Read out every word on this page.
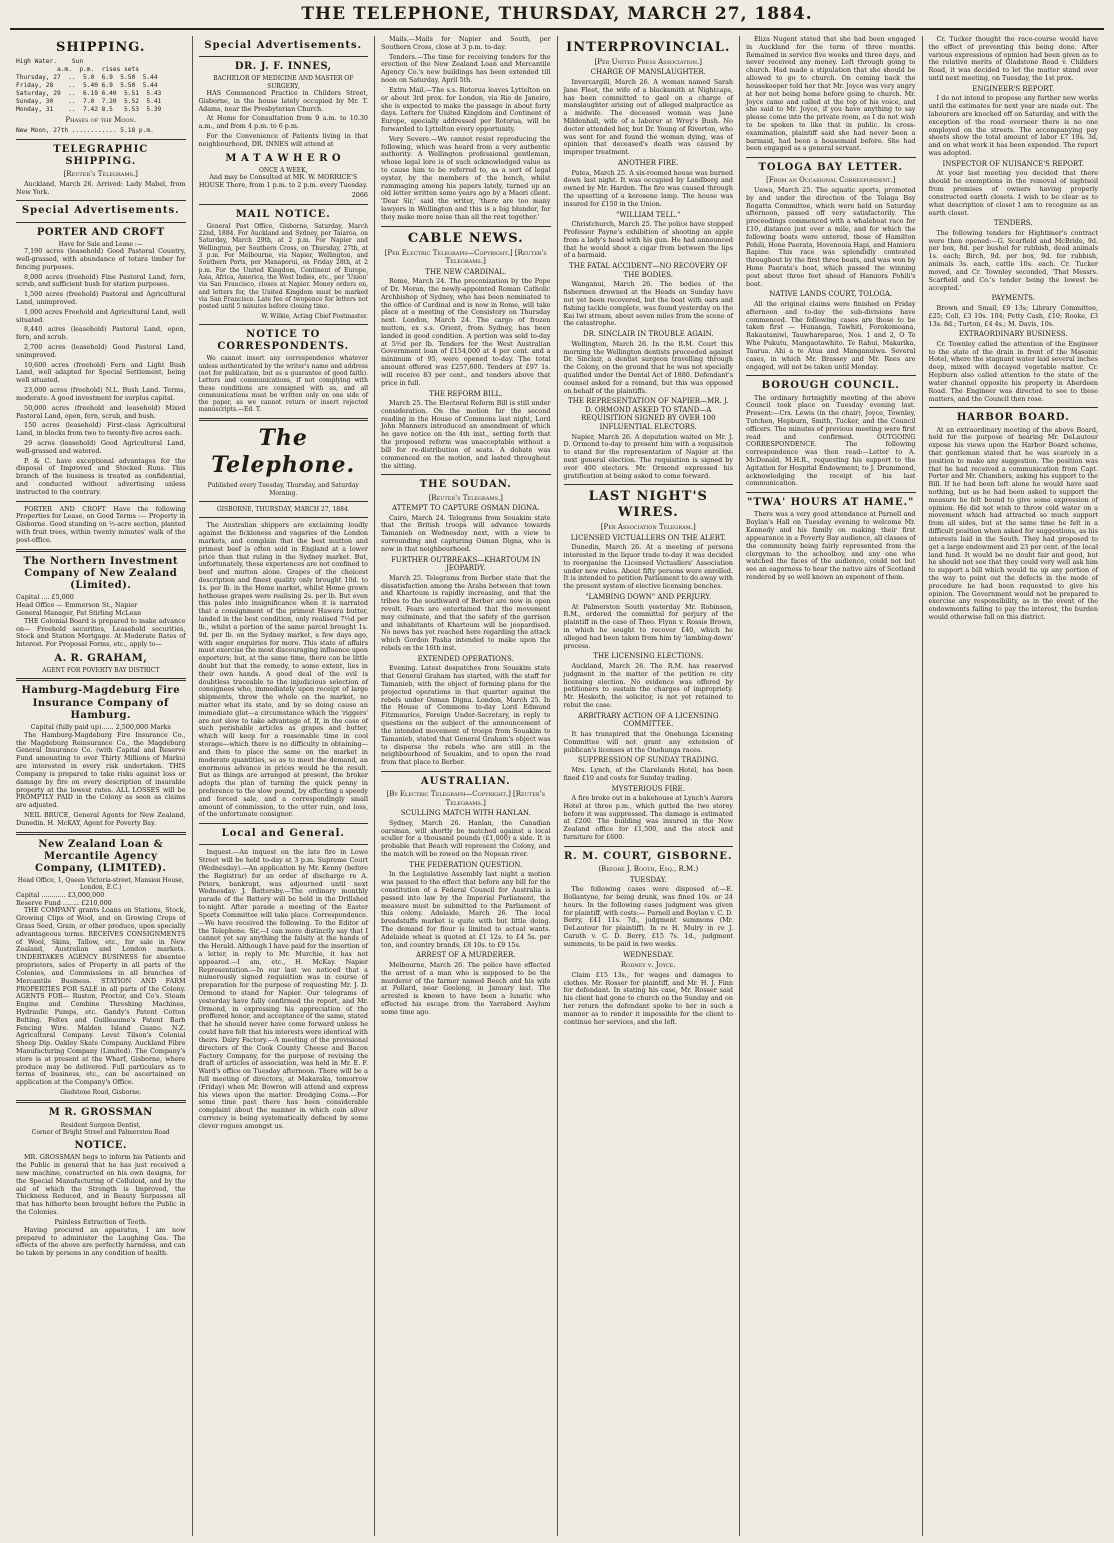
THE TELEPHONE, THURSDAY, MARCH 27, 1884.
SHIPPING.
High Water.    Sun
a.m.  p.m.  rises sets
Thursday, 27  ..  5.0  6.9  5.50  5.44
Friday, 28    ..  5.40 6.9  5.50  5.44
Saturday, 29  ..  6.19 6.40  5.51  5.43
Sunday, 30    ..  7.0  7.20  5.52  5.41
Monday, 31    ..  7.42 8.5   5.53  5.39
Phases of the Moon.
New Moon, 27th ............ 5.18 p.m.
TELEGRAPHIC SHIPPING.
[Reuter's Telegrams.]

Auckland, March 26. Arrived: Lady Mabel, from New York.

Special Advertisements.
PORTER AND CROFT
Have for Sale and Lease :—

7,190 acres (leasehold) Good Pastoral Country, well-grassed, with abundance of totara timber for fencing purposes.

8,000 acres (freehold) Fine Pastoral Land, fern, scrub, and sufficient bush for station purposes.

1,500 acres (freehold) Pastoral and Agricultural Land, unimproved.

1,000 acres Freehold and Agricultural Land, well situated.

8,440 acres (leasehold) Pastoral Land, open, fern, and scrub.

2,700 acres (leasehold) Good Pastoral Land, unimproved.

10,600 acres (freehold) Fern and Light Bush Land, well adapted for Special Settlement, being well situated.

23,000 acres (freehold) N.L. Bush Land. Terms, moderate. A good investment for surplus capital.

50,000 acres (freehold and leasehold) Mixed Pastoral Land, open, fern, scrub, and bush.

150 acres (leasehold) First-class Agricultural Land, in blocks from two to twenty-five acres each.

29 acres (leasehold) Good Agricultural Land, well-grassed and watered.

P. & C. have exceptional advantages for the disposal of Improved and Stocked Runs. This branch of the business is treated as confidential, and conducted without advertising unless instructed to the contrary.

PORTER AND CROFT Have the following Properties for Lease, on Good Terms :— Property in Gisborne. Good standing on ½-acre section, planted with fruit trees, within twenty minutes' walk of the post-office.

The Northern Investment Company of New Zealand (Limited).
Capital .... £5,000
Head Office — Emmerson St., Napier
General Manager, Pat Stirling McLean

THE Colonial Board is prepared to make advance on— Freehold securities, Leasehold securities, Stock and Station Mortgage. At Moderate Rates of Interest. For Proposal Forms, etc., apply to—

A. R. GRAHAM,
AGENT FOR POVERTY BAY DISTRICT
Hamburg-Magdeburg Fire Insurance Company of Hamburg.
Capital (fully paid up)...... 2,500,000 Marks

The Hamburg-Magdeburg Fire Insurance Co., the Magdeburg Reinsurance Co., the Magdeburg General Insurance Co. (with Capital and Reserve Fund amounting to over Thirty Millions of Marks) are interested in every risk undertaken. THIS Company is prepared to take risks against loss or damage by fire on every description of insurable property at the lowest rates. ALL LOSSES will be PROMPTLY PAID in the Colony as soon as claims are adjusted.

NEIL BRUCE, General Agents for New Zealand, Dunedin. H. McKAY, Agent for Poverty Bay.

New Zealand Loan & Mercantile Agency Company, (LIMITED).
Head Office, 1, Queen Victoria-street, Mansion House, London, E.C.)
Capital ............ £3,000,000
Reserve Fund ........ £210,000

THE COMPANY grants Loans on Stations, Stock, Growing Clips of Wool, and on Growing Crops of Grass Seed, Grain, or other produce, upon specially advantageous terms. RECEIVES CONSIGNMENTS of Wool, Skins, Tallow, etc., for sale in New Zealand, Australian and London markets. UNDERTAKES AGENCY BUSINESS for absentee proprietors, sales of Property in all parts of the Colonies, and Commissions in all branches of Mercantile Business. STATION AND FARM PROPERTIES FOR SALE in all parts of the Colony. AGENTS FOR— Ruston, Proctor, and Co's. Steam Engine and Combine Threshing Machines, Hydraulic Pumps, etc. Gandy's Patent Cotton Belting. Feltex and Guilleaume's Patent Barb Fencing Wire. Malden Island Guano. N.Z. Agricultural Company. Lovat Tilson's Colonial Sheep Dip. Oakley Skate Company. Auckland Fibre Manufacturing Company (Limited). The Company's store is at present at the Wharf, Gisborne, where produce may be delivered. Full particulars as to terms of business, etc., can be ascertained on application at the Company's Office.

Gladstone Road, Gisborne.
M R. GROSSMAN
Resident Surgeon Dentist,
Corner of Bright Street and Palmerston Road
NOTICE.

MR. GROSSMAN begs to inform his Patients and the Public in general that he has just received a new machine, constructed on his own designs, for the Special Manufacturing of Celluloid, and by the aid of which the Strength is Improved, the Thickness Reduced, and in Beauty Surpasses all that has hitherto been brought before the Public in the Colonies.

Painless Extraction of Teeth.

Having procured an apparatus, I am now prepared to administer the Laughing Gas. The effects of the above are perfectly harmless, and can be taken by persons in any condition of health.

Special Advertisements.
DR. J. F. INNES,
BACHELOR OF MEDICINE AND MASTER OF SURGERY,

HAS Commenced Practice in Childers Street, Gisborne, in the house lately occupied by Mr. T. Adams, near the Presbyterian Church.

At Home for Consultation from 9 a.m. to 10.30 a.m., and from 4 p.m. to 6 p.m.

For the Convenience of Patients living in that neighbourhood, DR. INNES will attend at

M A T A W H E R O
ONCE A WEEK,

And may be Consulted at MR. W. MORRICE'S HOUSE There, from 1 p.m. to 2 p.m. every Tuesday.

2066
MAIL NOTICE.

General Post Office, Gisborne, Saturday, March 22nd, 1884. For Auckland and Sydney, per Taiaroa, on Saturday, March 29th, at 2 p.m. For Napier and Wellington, per Southern Cross, on Thursday, 27th, at 3 p.m. For Melbourne, via Napier, Wellington, and Southern Ports, per Manaporui, on Friday 28th, at 2 p.m. For the United Kingdom, Continent of Europe, Asia, Africa, America, the West Indies, etc., per 'Union' via San Francisco, closes at Napier. Money orders on, and letters for, the United Kingdom must be marked via San Francisco. Late fee of twopence for letters not posted until 5 minutes before closing time.

W. Wilkie, Acting Chief Postmaster.
NOTICE TO CORRESPONDENTS.

We cannot insert any correspondence whatever unless authenticated by the writer's name and address (not for publication, but as a guarantee of good faith). Letters and communications, if not complying with these conditions are consigned with us, and all communications must be written only on one side of the paper, as we cannot return or insert rejected manuscripts.—Ed. T.

The Telephone.
Published every Tuesday, Thursday, and Saturday Morning.
GISBORNE, THURSDAY, MARCH 27, 1884.

The Australian shippers are exclaiming loudly against the fickleness and vagaries of the London markets, and complain that the best mutton and primest beef is often sold in England at a lower price than that ruling in the Sydney market. But, unfortunately, these experiences are not confined to beef and mutton alone. Grapes of the choicest description and finest quality only brought 10d. to 1s. per lb. in the Home market, whilst Home grown hothouse grapes were realising 2s. per lb. But even this pales into insignificance when it is narrated that a consignment of the primest Hawera butter, landed in the best condition, only realised 7½d per lb., whilst a portion of the same parcel brought 1s. 9d. per lb. on the Sydney market, a few days ago, with eager enquiries for more. This state of affairs must exercise the most discouraging influence upon exporters; but, at the same time, there can be little doubt but that the remedy, to some extent, lies in their own hands. A good deal of the evil is doubtless traceable to the injudicious selection of consignees who, immediately upon receipt of large shipments, throw the whole on the market, no matter what its state, and by so doing cause an immediate glut—a circumstance which the 'riggers' are not slow to take advantage of. If, in the case of such perishable articles as grapes and butter, which will keep for a reasonable time in cool storage—which there is no difficulty in obtaining—and then to place the same on the market in moderate quantities, so as to meet the demand, an enormous advance in prices would be the result. But as things are arranged at present, the broker adopts the plan of turning the quick penny in preference to the slow pound, by effecting a speedy and forced sale, and a correspondingly small amount of commission, to the utter ruin, and loss, of the unfortunate consignor.

Local and General.

Inquest.—An inquest on the late fire in Lowe Street will be held to-day at 3 p.m. Supreme Court (Wednesday).—An application by Mr. Kenny (before the Registrar) for an order of discharge re A. Peters, bankrupt, was adjourned until next Wednesday. J. Battersby.—The ordinary monthly parade of the Battery will be held in the Drillshed to-night. After parade a meeting of the Easter Sports Committee will take place. Correspondence.—We have received the following. To the Editor of the Telephone. Sir,—I can more distinctly say that I cannot yet say anything the falsity at the hands of the Herald. Although I have paid for the insertion of a letter, in reply to Mr. Murchie, it has not appeared.—I am, etc., H. McKay. Napier Representation.—In our last we noticed that a numerously signed requisition was in course of preparation for the purpose of requesting Mr. J. D. Ormond to stand for Napier. Our telegrams of yesterday have fully confirmed the report, and Mr. Ormond, in expressing his appreciation of the proffered honor, and acceptance of the same, stated that he should never have come forward unless he could have felt that his interests were identical with theirs. Dairy Factory.—A meeting of the provisional directors of the Cook County Cheese and Bacon Factory Company, for the purpose of revising the draft of articles of association, was held in Mr. E. F. Ward's office on Tuesday afternoon. There will be a full meeting of directors, at Makaraka, tomorrow (Friday) when Mr. Bowron will attend and express his views upon the matter. Dredging Coins.—For some time past there has been considerable complaint about the manner in which coin silver currency is being systematically defaced by some clever rogues amongst us.

Mails.—Mails for Napier and South, per Southern Cross, close at 3 p.m. to-day.

Tenders.—The time for receiving tenders for the erection of the New Zealand Loan and Mercantile Agency Co.'s new buildings has been extended till noon on Saturday, April 5th.

Extra Mail.—The s.s. Rotorua leaves Lyttelton on or about 3rd prox. for London, via Rio de Janeiro, she is expected to make the passage in about forty days. Letters for United Kingdom and Continent of Europe, specially addressed per Rotorua, will be forwarded to Lyttelton every opportunity.

Very Severe.—We cannot resist reproducing the following, which was heard from a very authentic authority. A Wellington professional gentleman, whose legal lore is of such acknowledged value as to cause him to be referred to, as a sort of legal oyster, by the members of the bench, whilst rummaging among his papers lately, turned up an old letter written some years ago by a Maori client. 'Dear Sir,' said the writer, 'there are too many lawyers in Wellington and this is a big blunder, for they make more noise than all the rest together.'

CABLE NEWS.
[Per Electric Telegraph—Copyright.] [Reuter's Telegrams.]
THE NEW CARDINAL.

Rome, March 24. The preconization by the Pope of Dr. Moran, the newly-appointed Roman Catholic Archbishop of Sydney, who has been nominated to the office of Cardinal and is now in Rome, will take place at a meeting of the Consistory on Thursday next. London, March 24. The cargo of frozen mutton, ex s.s. Orient, from Sydney, has been landed in good condition. A portion was sold to-day at 5½d per lb. Tenders for the West Australian Government loan of £154,000 at 4 per cent. and a minimum of 95, were opened to-day. The total amount offered was £257,600. Tenders at £97 1s. will receive 83 per cent., and tenders above that price in full.

THE REFORM BILL.

March 25. The Electoral Reform Bill is still under consideration. On the motion for the second reading in the House of Commons last night, Lord John Manners introduced an amendment of which he gave notice on the 4th inst., setting forth that the proposed reform was unacceptable without a bill for re-distribution of seats. A debate was commenced on the motion, and lasted throughout the sitting.

THE SOUDAN.
[Reuter's Telegrams.]
ATTEMPT TO CAPTURE OSMAN DIGNA.

Cairo, March 24. Telegrams from Souakim state that the British troops will advance towards Tamanieb on Wednesday next, with a view to surrounding and capturing Osman Digna, who is now in that neighbourhood.

FURTHER OUTBREAKS—KHARTOUM IN JEOPARDY.

March 25. Telegrams from Berber state that the dissatisfaction among the Arabs between that town and Khartoum is rapidly increasing, and that the tribes to the southward of Berber are now in open revolt. Fears are entertained that the movement may culminate, and that the safety of the garrison and inhabitants of Khartoum will be jeopardised. No news has yet reached here regarding the attack which Gordon Pasha intended to make upon the rebels on the 16th inst.

EXTENDED OPERATIONS.

Evening. Latest despatches from Souakim state that General Graham has started, with the staff for Tamanieb, with the object of forming plans for the projected operations in that quarter against the rebels under Osman Digna. London, March 25. In the House of Commons to-day Lord Edmund Fitzmaurice, Foreign Under-Secretary, in reply to questions on the subject of the announcement of the intended movement of troops from Souakim to Tamanieb, stated that General Graham's object was to disperse the rebels who are still in the neighbourhood of Souakim, and to open the road from that place to Berber.

AUSTRALIAN.
[By Electric Telegraph—Copyright.] [Reuter's Telegrams.]
SCULLING MATCH WITH HANLAN.

Sydney, March 26. Hanlan, the Canadian oarsman, will shortly be matched against a local sculler for a thousand pounds (£1,000) a side. It is probable that Beach will represent the Colony, and the match will be rowed on the Nepean river.

THE FEDERATION QUESTION.

In the Legislative Assembly last night a motion was passed to the effect that before any bill for the constitution of a Federal Council for Australia is passed into law by the Imperial Parliament, the measure must be submitted to the Parliament of this colony. Adelaide, March 26. The local breadstuffs market is quite with but little doing. The demand for flour is limited to actual wants. Adelaide wheat is quoted at £1 12s. to £4 5s. per ton, and country brands, £8 10s. to £9 15s.

ARREST OF A MURDERER.

Melbourne, March 26. The police have effected the arrest of a man who is supposed to be the murderer of the farmer named Beech and his wife at Pollard, near Geelong, in January last. The arrested is known to have been a lunatic who effected his escape from the Yarraberd Asylum some time ago.

INTERPROVINCIAL.
[Per United Press Association.]
CHARGE OF MANSLAUGHTER.

Invercargill, March 26. A woman named Sarah Jane Fleet, the wife of a blacksmith at Nightcaps, has been committed to gaol on a charge of manslaughter arising out of alleged malpractice as a midwife. The deceased woman was Jane Mildenhall, wife of a laborer at Wrey's Bush. No doctor attended her, but Dr. Young of Riverton, who was sent for and found the woman dying, was of opinion that deceased's death was caused by improper treatment.

ANOTHER FIRE.

Patea, March 25. A six-roomed house was burned down last night. It was occupied by Landberg and owned by Mr. Harden. The fire was caused through the upsetting of a kerosene lamp. The house was insured for £150 in the Union.

"WILLIAM TELL."

Christchurch, March 25. The police have stopped Professor Payne's exhibition of shooting an apple from a lady's head with his gun. He had announced that he would shoot a cigar from between the lips of a barmaid.

THE FATAL ACCIDENT—NO RECOVERY OF THE BODIES.

Wanganui, March 26. The bodies of the fishermen drowned at the Heads on Sunday have not yet been recovered, but the boat with oars and fishing tackle complete, was found yesterday on the Kai Iwi stream, about seven miles from the scene of the catastrophe.

DR. SINCLAIR IN TROUBLE AGAIN.

Wellington, March 26. In the R.M. Court this morning the Wellington dentists proceeded against Dr. Sinclair, a dentist surgeon travelling through the Colony, on the ground that he was not specially qualified under the Dental Act of 1880. Defendant's counsel asked for a remand, but this was opposed on behalf of the plaintiffs.

THE REPRESENTATION OF NAPIER—MR. J. D. ORMOND ASKED TO STAND—A REQUISITION SIGNED BY OVER 100 INFLUENTIAL ELECTORS.

Napier, March 26. A deputation waited on Mr. J. D. Ormond to-day to present him with a requisition to stand for the representation of Napier at the next general election. The requisition is signed by over 400 electors. Mr. Ormond expressed his gratification at being asked to come forward.

LAST NIGHT'S WIRES.
[Per Association Telegram.]
LICENSED VICTUALLERS ON THE ALERT.

Dunedin, March 26. At a meeting of persons interested in the liquor trade to-day it was decided to reorganise the Licensed Victuallers' Association under new rules. About fifty persons were enrolled. It is intended to petition Parliament to do away with the present system of elective licensing benches.

"LAMBING DOWN" AND PERJURY.

At Palmerston South yesterday Mr. Robinson, R.M., ordered the committal for perjury of the plaintiff in the case of Theo. Flynn v. Rossie Brown, in which he sought to recover £40, which he alleged had been taken from him by 'lambing-down' process.

THE LICENSING ELECTIONS.

Auckland, March 26. The R.M. has reserved judgment in the matter of the petition re city licensing election. No evidence was offered by petitioners to sustain the charges of impropriety. Mr. Hesketh, the solicitor, is not yet retained to rebut the case.

ARBITRARY ACTION OF A LICENSING COMMITTEE.

It has transpired that the Onehunga Licensing Committee will not grant any extension of publican's licenses at the Onehunga races.

SUPPRESSION OF SUNDAY TRADING.

Mrs. Lynch, of the Clarelands Hotel, has been fined £10 and costs for Sunday trading.

MYSTERIOUS FIRE.

A fire broke out in a bakehouse at Lynch's Aurora Hotel at three p.m., which gutted the two storey before it was suppressed. The damage is estimated at £200. The building was insured in the New Zealand office for £1,500, and the stock and furniture for £600.

R. M. COURT, GISBORNE.
(Before J. Booth, Esq., R.M.)
TUESDAY.

The following cases were disposed of:—E. Bollantyne, for being drunk, was fined 10s. or 24 hours. In the following cases judgment was given for plaintiff, with costs:— Parnell and Boylan v. C. D. Berry, £41 11s. 7d., judgment summons (Mr. DeLautour for plaintiff). In re H. Mulry in re J. Caruth v. C. D. Berry, £15 7s. 1d., judgment summons, to be paid in two weeks.

WEDNESDAY.
Rodney v. Joyce.

Claim £15 13s., for wages and damages to clothes. Mr. Rosser for plaintiff, and Mr. H. J. Finn for defendant. In stating his case, Mr. Rosser said his client had gone to church on the Sunday and on her return the defendant spoke to her in such a manner as to render it impossible for the client to continue her services, and she left.

Eliza Nugent stated that she had been engaged in Auckland for the term of three months. Remained in service five weeks and three days, and never received any money. Left through going to church. Had made a stipulation that she should be allowed to go to church. On coming back the housekeeper told her that Mr. Joyce was very angry at her not being home before going to church. Mr. Joyce came and called at the top of his voice, and she said to Mr. Joyce, if you have anything to say please come into the private room, as I do not wish to be spoken to like that in public. In cross-examination, plaintiff said she had never been a barmaid, had been a housemaid before. She had been engaged as a general servant.

TOLOGA BAY LETTER.
[From an Occasional Correspondent.]

Uawa, March 25. The aquatic sports, promoted by and under the direction of the Tolaga Bay Regatta Committee, which were held on Saturday afternoon, passed off very satisfactorily. The proceedings commenced with a whaleboat race for £10, distance just over a mile, and for which the following boats were entered, those of Hamilton Pohili, Hone Paerata, Hovenouia Hapi, and Hamiora Rapine. This race was splendidly contested throughout by the first three boats, and was won by Hone Paerata's boat, which passed the winning post about three feet ahead of Hamiora Pohili's boat.

NATIVE LANDS COURT, TOLOGA.

All the original claims were finished on Friday afternoon and to-day the sub-divisions have commenced. The following cases are those to be taken first — Hunanga, Tawhiti, Forokomoana, Rakautaniwi, Tauwhareparae, Nos. 1 and 2, O Te Whe Pukutu, Mangaotawhito. Te Rahui, Makarika, Taarua. Ahi a te Atua and Manganuiwa. Several cases, in which Mr. Brassey and Mr. Rees are engaged, will not be taken until Monday.

BOROUGH COUNCIL.

The ordinary fortnightly meeting of the above Council took place on Tuesday evening last. Present:—Crs. Lewis (in the chair), Joyce, Townley, Tutchen, Hepburn, Smith, Tucker, and the Council officers. The minutes of previous meeting were first read and confirmed. OUTGOING CORRESPONDENCE. The following correspondence was then read:—Letter to A. McDonald, M.H.R., requesting his support to the Agitation for Hospital Endowment; to J. Drummond, acknowledging the receipt of his last communication.

"TWA' HOURS AT HAME."

There was a very good attendance at Parnell and Boylan's Hall on Tuesday evening to welcome Mr. Kennedy and his family on making their first appearance in a Poverty Bay audience, all classes of the community being fairly represented from the clergyman to the schoolboy, and any one who watched the faces of the audience, could not but see an eagerness to hear the native airs of Scotland rendered by so well known an exponent of them.

Cr. Tucker thought the race-course would have the effect of preventing this being done. After various expressions of opinion had been given as to the relative merits of Gladstone Road v. Childers Road, it was decided to let the matter stand over until next meeting, on Tuesday, the 1st prox.

ENGINEER'S REPORT.

I do not intend to propose any further new works until the estimates for next year are made out. The labourers are knocked off on Saturday, and with the exception of the road overseer there is no one employed on the streets. The accompanying pay sheets show the total amount of labor £7 19s. 3d, and on what work it has been expended. The report was adopted.

INSPECTOR OF NUISANCE'S REPORT.

At your last meeting you decided that there should be exemptions in the removal of nightsoil from premises of owners having properly constructed earth closets. I wish to be clear as to what description of closet I am to recognize as an earth closet.

TENDERS.

The following tenders for Hightimer's contract were then opened:—G. Scarfield and McBride, 9d. per box, 8d. per bushel for rubbish, dead animals 1s. each; Birch, 9d. per box, 9d. for rubbish, animals 3s. each, cattle 10s. each. Cr. Tucker moved, and Cr. Townley seconded, 'That Messrs. Scarfield and Co.'s tender being the lowest be accepted.'

PAYMENTS.

Brown and Smail, £9 13s; Library Committee, £25; Coll, £3 10s. 104; Petty Cash, £10; Rooke, £3 13s. 8d.; Turton, £4 4s.; M. Davis, 10s.

EXTRAORDINARY BUSINESS.

Cr. Townley called the attention of the Engineer to the state of the drain in front of the Masonic Hotel, where the stagnant water laid several inches deep, mixed with decayed vegetable matter. Cr. Hepburn also called attention to the state of the water channel opposite his property in Aberdeen Road. The Engineer was directed to see to these matters, and the Council then rose.

HARBOR BOARD.

At an extraordinary meeting of the above Board, held for the purpose of hearing Mr. DeLautour expose his views upon the Harbor Board scheme, that gentleman stated that he was scarcely in a position to make any suggestion. The position was that he had received a communication from Capt. Porter and Mr. Chambers, asking his support to the Bill. If he had been left alone he would have said nothing, but as he had been asked to support the measure he felt bound to give some expression of opinion. He did not wish to throw cold water on a movement which had attracted so much support from all sides, but at the same time he felt in a difficult position when asked for suggestions, as his interests laid in the South. They had proposed to get a large endowment and 23 per cent. of the local land fund. It would be no doubt fair and good, but he should not see that they could very well ask him to support a bill which would tie up any portion of the way to point out the defects in the mode of procedure he had been requested to give his opinion. The Government would not be prepared to exercise any responsibility, as in the event of the endowments failing to pay the interest, the burden would otherwise fall on this district.
